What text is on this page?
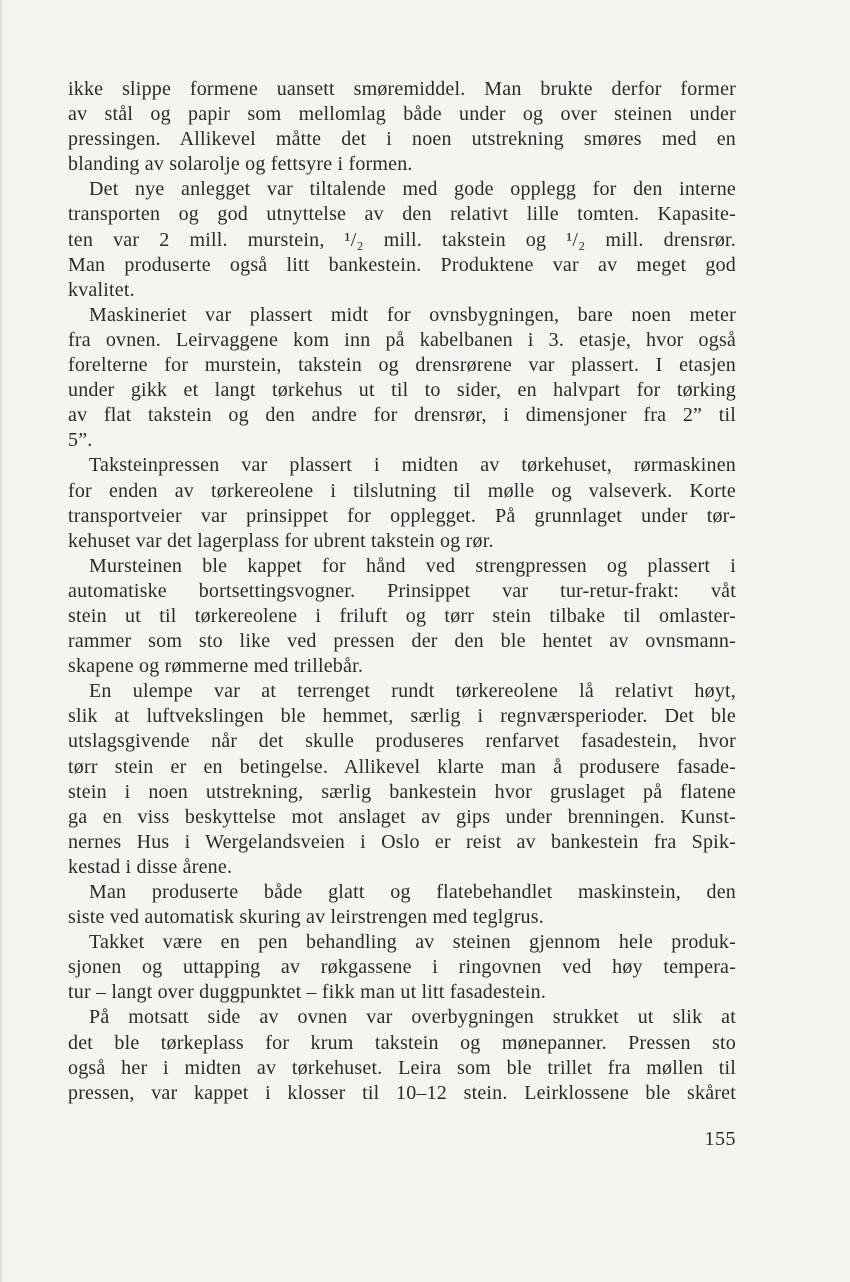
ikke slippe formene uansett smøremiddel. Man brukte derfor former
av stål og papir som mellomlag både under og over steinen under
pressingen. Allikevel måtte det i noen utstrekning smøres med en
blanding av solarolje og fettsyre i formen.
Det nye anlegget var tiltalende med gode opplegg for den interne
transporten og god utnyttelse av den relativt lille tomten. Kapasite-
ten var 2 mill. murstein, ¹/₂ mill. takstein og ¹/₂ mill. drensrør.
Man produserte også litt bankestein. Produktene var av meget god
kvalitet.
Maskineriet var plassert midt for ovnsbygningen, bare noen meter
fra ovnen. Leirvaggene kom inn på kabelbanen i 3. etasje, hvor også
forelterne for murstein, takstein og drensrørene var plassert. I etasjen
under gikk et langt tørkehus ut til to sider, en halvpart for tørking
av flat takstein og den andre for drensrør, i dimensjoner fra 2” til
5”.
Taksteinpressen var plassert i midten av tørkehuset, rørmaskinen
for enden av tørkereolene i tilslutning til mølle og valseverk. Korte
transportveier var prinsippet for opplegget. På grunnlaget under tør-
kehuset var det lagerplass for ubrent takstein og rør.
Mursteinen ble kappet for hånd ved strengpressen og plassert i
automatiske bortsettingsvogner. Prinsippet var tur-retur-frakt: våt
stein ut til tørkereolene i friluft og tørr stein tilbake til omlaster-
rammer som sto like ved pressen der den ble hentet av ovnsmann-
skapene og rømmerne med trillebår.
En ulempe var at terrenget rundt tørkereolene lå relativt høyt,
slik at luftvekslingen ble hemmet, særlig i regnværsperioder. Det ble
utslagsgivende når det skulle produseres renfarvet fasadestein, hvor
tørr stein er en betingelse. Allikevel klarte man å produsere fasade-
stein i noen utstrekning, særlig bankestein hvor gruslaget på flatene
ga en viss beskyttelse mot anslaget av gips under brenningen. Kunst-
nernes Hus i Wergelandsveien i Oslo er reist av bankestein fra Spik-
kestad i disse årene.
Man produserte både glatt og flatebehandlet maskinstein, den
siste ved automatisk skuring av leirstrengen med teglgrus.
Takket være en pen behandling av steinen gjennom hele produk-
sjonen og uttapping av røkgassene i ringovnen ved høy tempera-
tur – langt over duggpunktet – fikk man ut litt fasadestein.
På motsatt side av ovnen var overbygningen strukket ut slik at
det ble tørkeplass for krum takstein og mønepanner. Pressen sto
også her i midten av tørkehuset. Leira som ble trillet fra møllen til
pressen, var kappet i klosser til 10–12 stein. Leirklossene ble skåret
155
